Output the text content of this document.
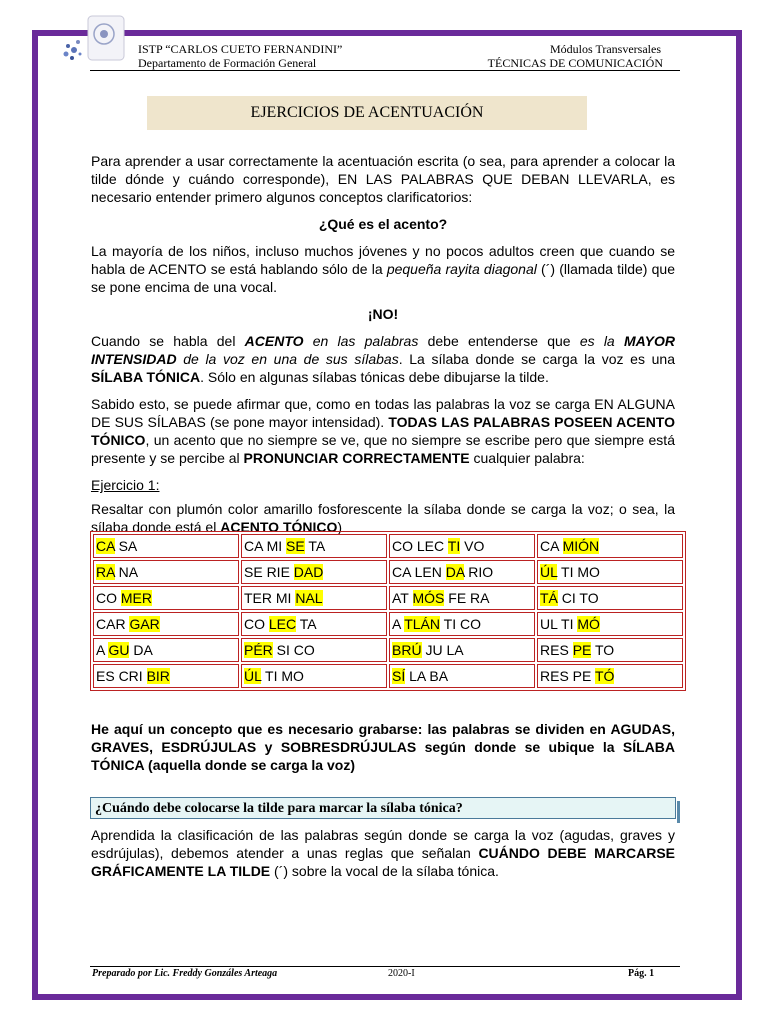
ISTP “CARLOS CUETO FERNANDINI”
Departamento de Formación General
Módulos Transversales
TÉCNICAS DE COMUNICACIÓN
EJERCICIOS DE ACENTUACIÓN

Para aprender a usar correctamente la acentuación escrita (o sea, para aprender a colocar la tilde dónde y cuándo corresponde), EN LAS PALABRAS QUE DEBAN LLEVARLA, es necesario entender primero algunos conceptos clarificatorios:

¿Qué es el acento?

La mayoría de los niños, incluso muchos jóvenes y no pocos adultos creen que cuando se habla de ACENTO se está hablando sólo de la pequeña rayita diagonal (´) (llamada tilde) que se pone encima de una vocal.

¡NO!

Cuando se habla del ACENTO en las palabras debe entenderse que es la MAYOR INTENSIDAD de la voz en una de sus sílabas. La sílaba donde se carga la voz es una SÍLABA TÓNICA. Sólo en algunas sílabas tónicas debe dibujarse la tilde.

Sabido esto, se puede afirmar que, como en todas las palabras la voz se carga EN ALGUNA DE SUS SÍLABAS (se pone mayor intensidad). TODAS LAS PALABRAS POSEEN ACENTO TÓNICO, un acento que no siempre se ve, que no siempre se escribe pero que siempre está presente y se percibe al PRONUNCIAR CORRECTAMENTE cualquier palabra:

Ejercicio 1:

Resaltar con plumón color amarillo fosforescente la sílaba donde se carga la voz; o sea, la sílaba donde está el ACENTO TÓNICO)

CA SA	CA MI SE TA	CO LEC TI VO	CA MIÓN
RA NA	SE RIE DAD	CA LEN DA RIO	ÚL TI MO
CO MER	TER MI NAL	AT MÓS FE RA	TÁ CI TO
CAR GAR	CO LEC TA	A TLÁN TI CO	UL TI MÓ
A GU DA	PÉR SI CO	BRÚ JU LA	RES PE TO
ES CRI BIR	ÚL TI MO	SÍ LA BA	RES PE TÓ
He aquí un concepto que es necesario grabarse: las palabras se dividen en AGUDAS, GRAVES, ESDRÚJULAS y SOBRESDRÚJULAS según donde se ubique la SÍLABA TÓNICA (aquella donde se carga la voz)
¿Cuándo debe colocarse la tilde para marcar la sílaba tónica?
Aprendida la clasificación de las palabras según donde se carga la voz (agudas, graves y esdrújulas), debemos atender a unas reglas que señalan CUÁNDO DEBE MARCARSE GRÁFICAMENTE LA TILDE (´) sobre la vocal de la sílaba tónica.
Preparado por Lic. Freddy Gonzáles Arteaga	2020-I	Pág. 1
